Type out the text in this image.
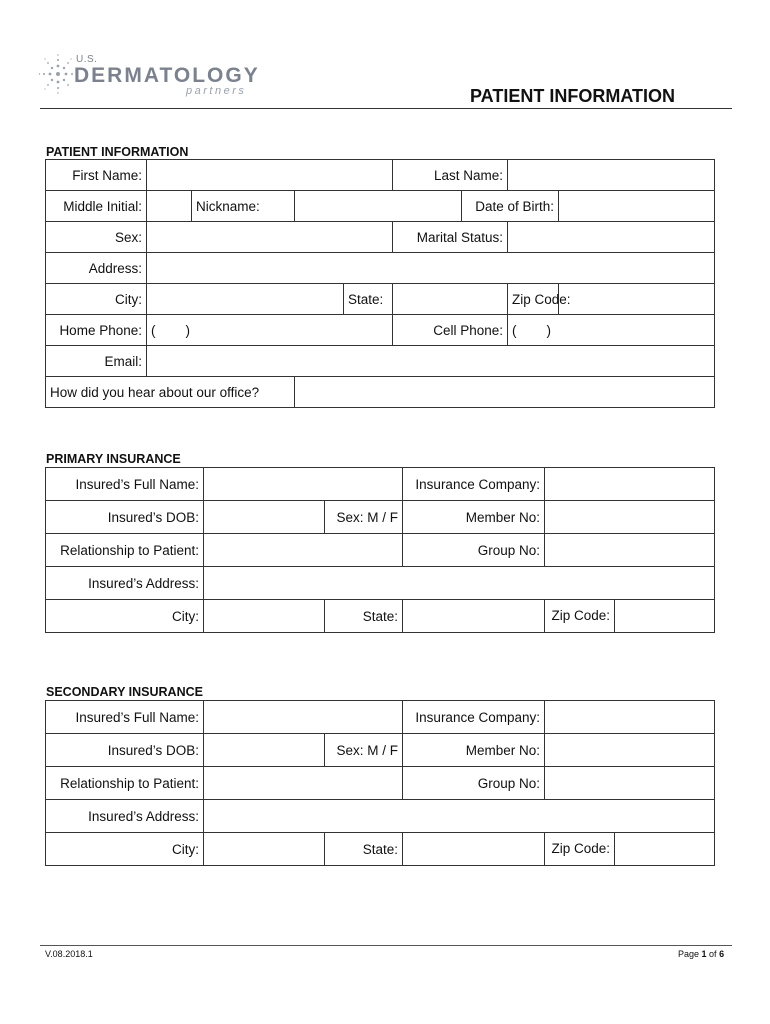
U.S.
DERMATOLOGY
partners	PATIENT INFORMATION
PATIENT INFORMATION
First Name:					Last Name:			
Middle Initial:		Nickname:				Date of Birth:		
Sex:					Marital Status:			
Address:								
City:				State:			Zip Code:	
Home Phone:	(        )				Cell Phone:		(        )	
Email:								
How did you hear about our office?								
PRIMARY INSURANCE
Insured’s Full Name:			Insurance Company:		
Insured’s DOB:		Sex: M / F	Member No:		
Relationship to Patient:			Group No:		
Insured’s Address:					
City:		State:		Zip Code:	
SECONDARY INSURANCE
Insured’s Full Name:			Insurance Company:		
Insured’s DOB:		Sex: M / F	Member No:		
Relationship to Patient:			Group No:		
Insured’s Address:					
City:		State:		Zip Code:	
V.08.2018.1	Page 1 of 6
